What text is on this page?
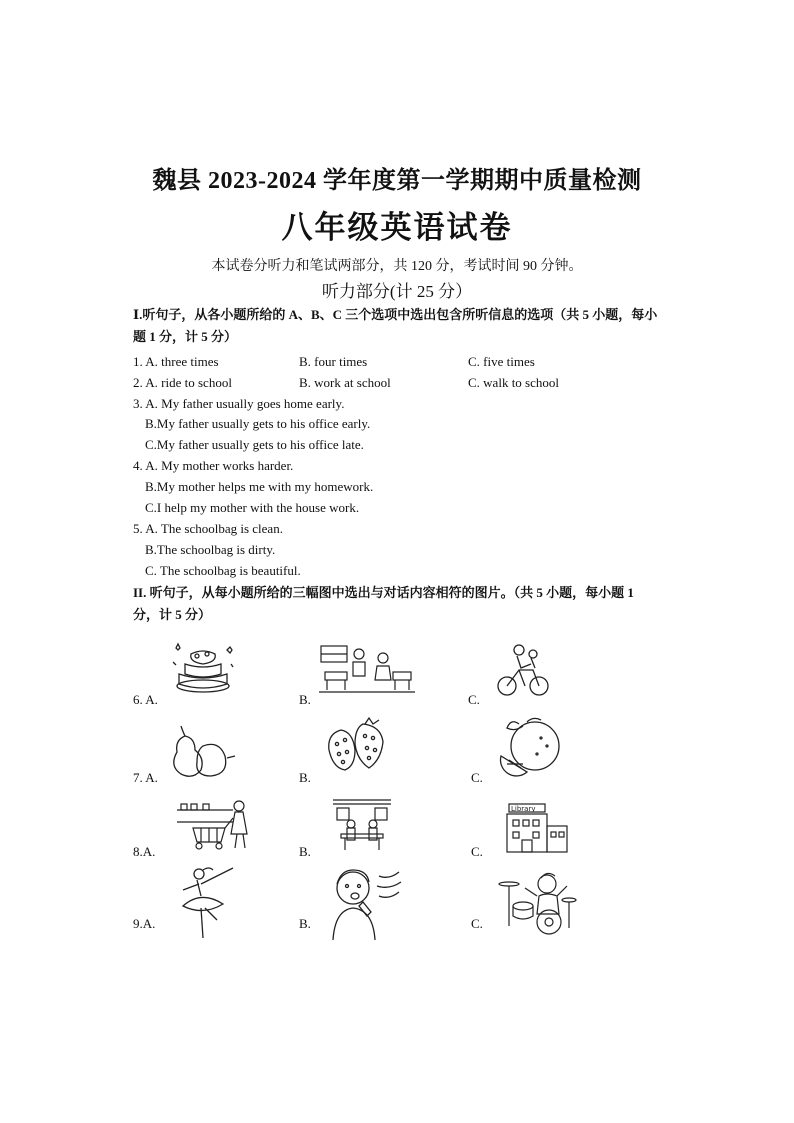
魏县 2023-2024 学年度第一学期期中质量检测
八年级英语试卷
本试卷分听力和笔试两部分，共 120 分，考试时间 90 分钟。
听力部分(计 25 分）
Ⅰ.听句子，从各小题所给的 A、B、C 三个选项中选出包含所听信息的选项（共 5 小题，每小题 1 分，计 5 分）
1. A. three times	B. four times	C. five times
2. A. ride to school	B. work at school	C. walk to school
3. A. My father usually goes home early.
B.My father usually gets to his office early.
C.My father usually gets to his office late.
4. A. My mother works harder.
B.My mother helps me with my homework.
C.I help my mother with the house work.
5. A. The schoolbag is clean.
B.The schoolbag is dirty.
C. The schoolbag is beautiful.
II. 听句子，从每小题所给的三幅图中选出与对话内容相符的图片。（共 5 小题，每小题 1 分，计 5 分）
6. A.	B.	C.
7. A.	B.	C.
8.A.	B.	C.
Library
9.A.	B.	C.
